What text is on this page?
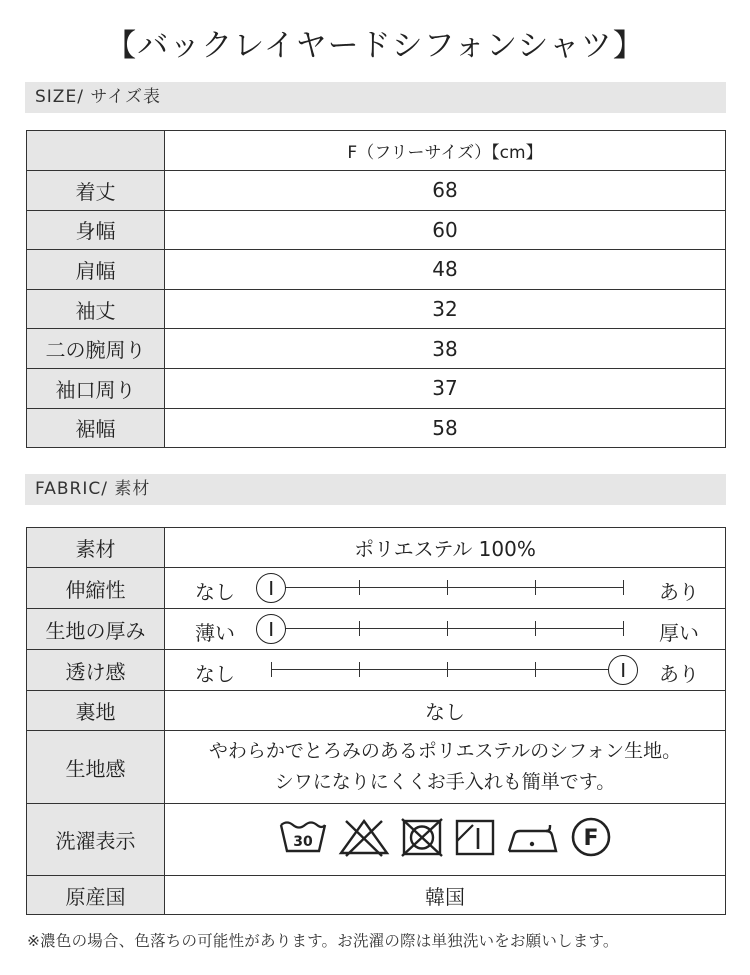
【バックレイヤードシフォンシャツ】
SIZE/ サイズ表
	F（フリーサイズ）【cm】
着丈	68
身幅	60
肩幅	48
袖丈	32
二の腕周り	38
袖口周り	37
裾幅	58
FABRIC/ 素材
素材	ポリエステル 100%
伸縮性	なし あり

生地の厚み	薄い 厚い

透け感	なし あり

裏地	なし
生地感	やわらかでとろみのあるポリエステルのシフォン生地。
シワになりにくくお手入れも簡単です。

洗濯表示	30 F

原産国	韓国
※濃色の場合、色落ちの可能性があります。お洗濯の際は単独洗いをお願いします。
